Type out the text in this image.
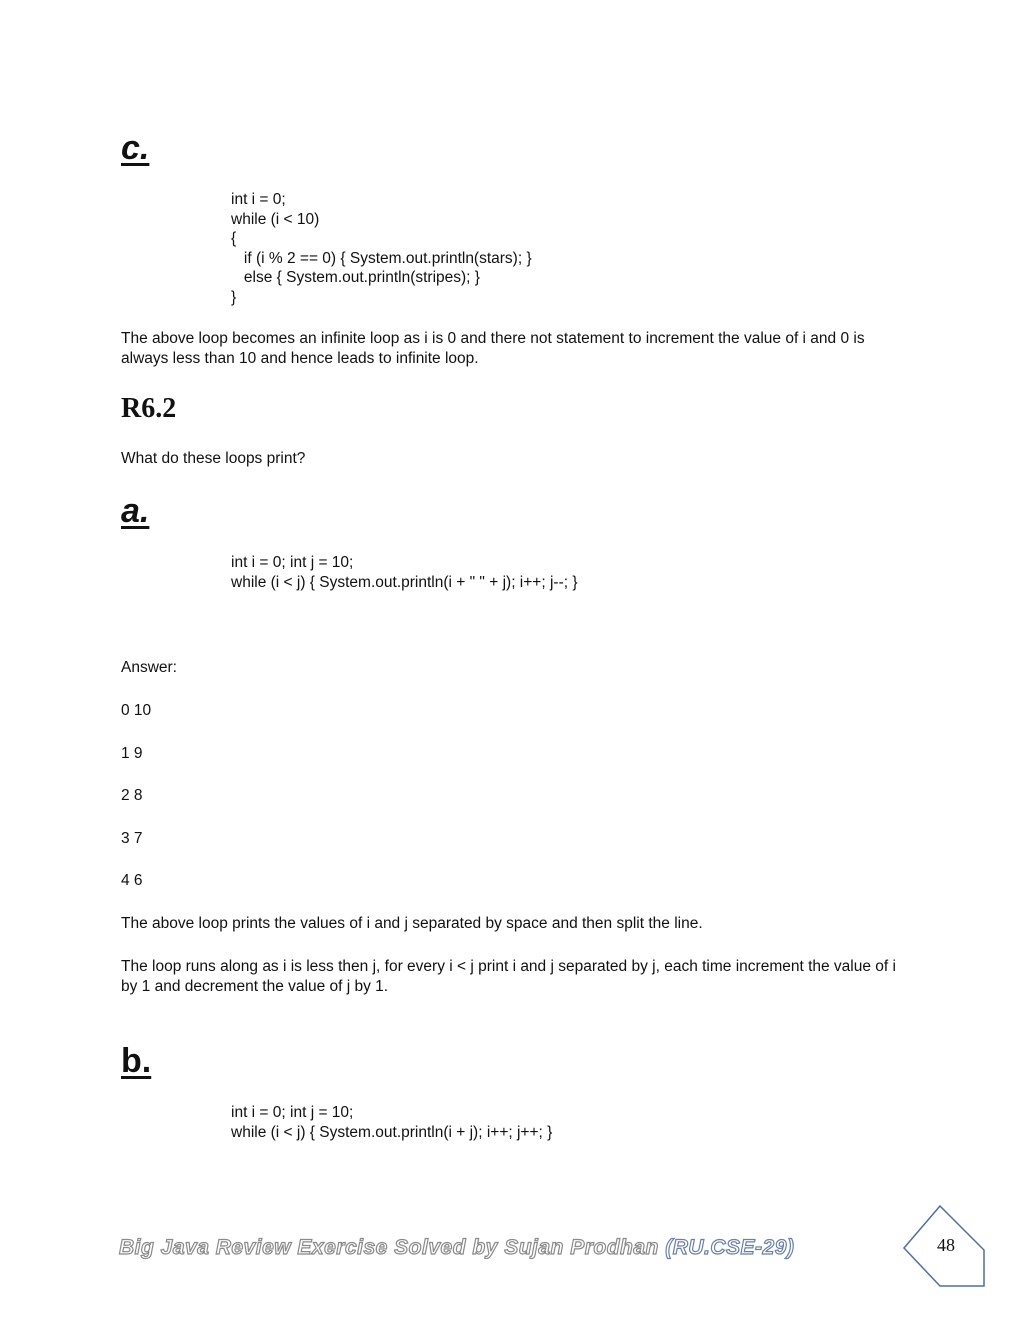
c.

int i = 0;

while (i < 10)

{

if (i % 2 == 0) { System.out.println(stars); }

else { System.out.println(stripes); }

}

The above loop becomes an infinite loop as i is 0 and there not statement to increment the value of i and 0 is always less than 10 and hence leads to infinite loop.

R6.2

What do these loops print?

a.

int i = 0; int j = 10;

while (i < j) { System.out.println(i + " " + j); i++; j--; }

Answer:

0 10

1 9

2 8

3 7

4 6

The above loop prints the values of i and j separated by space and then split the line.

The loop runs along as i is less then j, for every i < j print i and j separated by j, each time increment the value of i by 1 and decrement the value of j by 1.

b.

int i = 0; int j = 10;

while (i < j) { System.out.println(i + j); i++; j++; }

Big Java Review Exercise Solved by Sujan Prodhan (RU.CSE-29)	48
